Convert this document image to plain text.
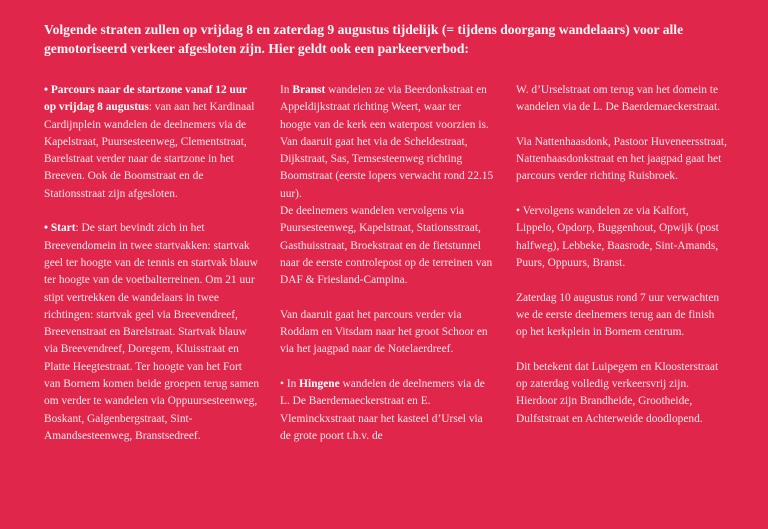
Volgende straten zullen op vrijdag 8 en zaterdag 9 augustus tijdelijk (= tijdens doorgang wandelaars) voor alle gemotoriseerd verkeer afgesloten zijn. Hier geldt ook een parkeerverbod:

• Parcours naar de startzone vanaf 12 uur op vrijdag 8 augustus: van aan het Kardinaal Cardijnplein wandelen de deelnemers via de Kapelstraat, Puursesteenweg, Clementstraat, Barelstraat verder naar de startzone in het Breeven. Ook de Boomstraat en de Stationsstraat zijn afgesloten.

• Start: De start bevindt zich in het Breevendomein in twee startvakken: startvak geel ter hoogte van de tennis en startvak blauw ter hoogte van de voetbalterreinen. Om 21 uur stipt vertrekken de wandelaars in twee richtingen: startvak geel via Breevendreef, Breevenstraat en Barelstraat. Startvak blauw via Breevendreef, Doregem, Kluisstraat en Platte Heegtestraat. Ter hoogte van het Fort van Bornem komen beide groepen terug samen om verder te wandelen via Oppuursesteenweg, Boskant, Galgenbergstraat, Sint-Amandsesteenweg, Branstsedreef.

In Branst wandelen ze via Beerdonkstraat en Appeldijkstraat richting Weert, waar ter hoogte van de kerk een waterpost voorzien is.

Van daaruit gaat het via de Scheldestraat, Dijkstraat, Sas, Temsesteenweg richting Boomstraat (eerste lopers verwacht rond 22.15 uur).

De deelnemers wandelen vervolgens via Puursesteenweg, Kapelstraat, Stationsstraat, Gasthuisstraat, Broekstraat en de fietstunnel naar de eerste controlepost op de terreinen van DAF & Friesland-Campina.

Van daaruit gaat het parcours verder via Roddam en Vitsdam naar het groot Schoor en via het jaagpad naar de Notelaerdreef.

• In Hingene wandelen de deelnemers via de L. De Baerdemaeckerstraat en E. Vleminckxstraat naar het kasteel d’Ursel via de grote poort t.h.v. de

W. d’Urselstraat om terug van het domein te wandelen via de L. De Baerdemaeckerstraat.

Via Nattenhaasdonk, Pastoor Huveneersstraat, Nattenhaasdonkstraat en het jaagpad gaat het parcours verder richting Ruisbroek.

• Vervolgens wandelen ze via Kalfort, Lippelo, Opdorp, Buggenhout, Opwijk (post halfweg), Lebbeke, Baasrode, Sint-Amands, Puurs, Oppuurs, Branst.

Zaterdag 10 augustus rond 7 uur verwachten we de eerste deelnemers terug aan de finish op het kerkplein in Bornem centrum.

Dit betekent dat Luipegem en Kloosterstraat op zaterdag volledig verkeersvrij zijn. Hierdoor zijn Brandheide, Grootheide, Dulfststraat en Achterweide doodlopend.
